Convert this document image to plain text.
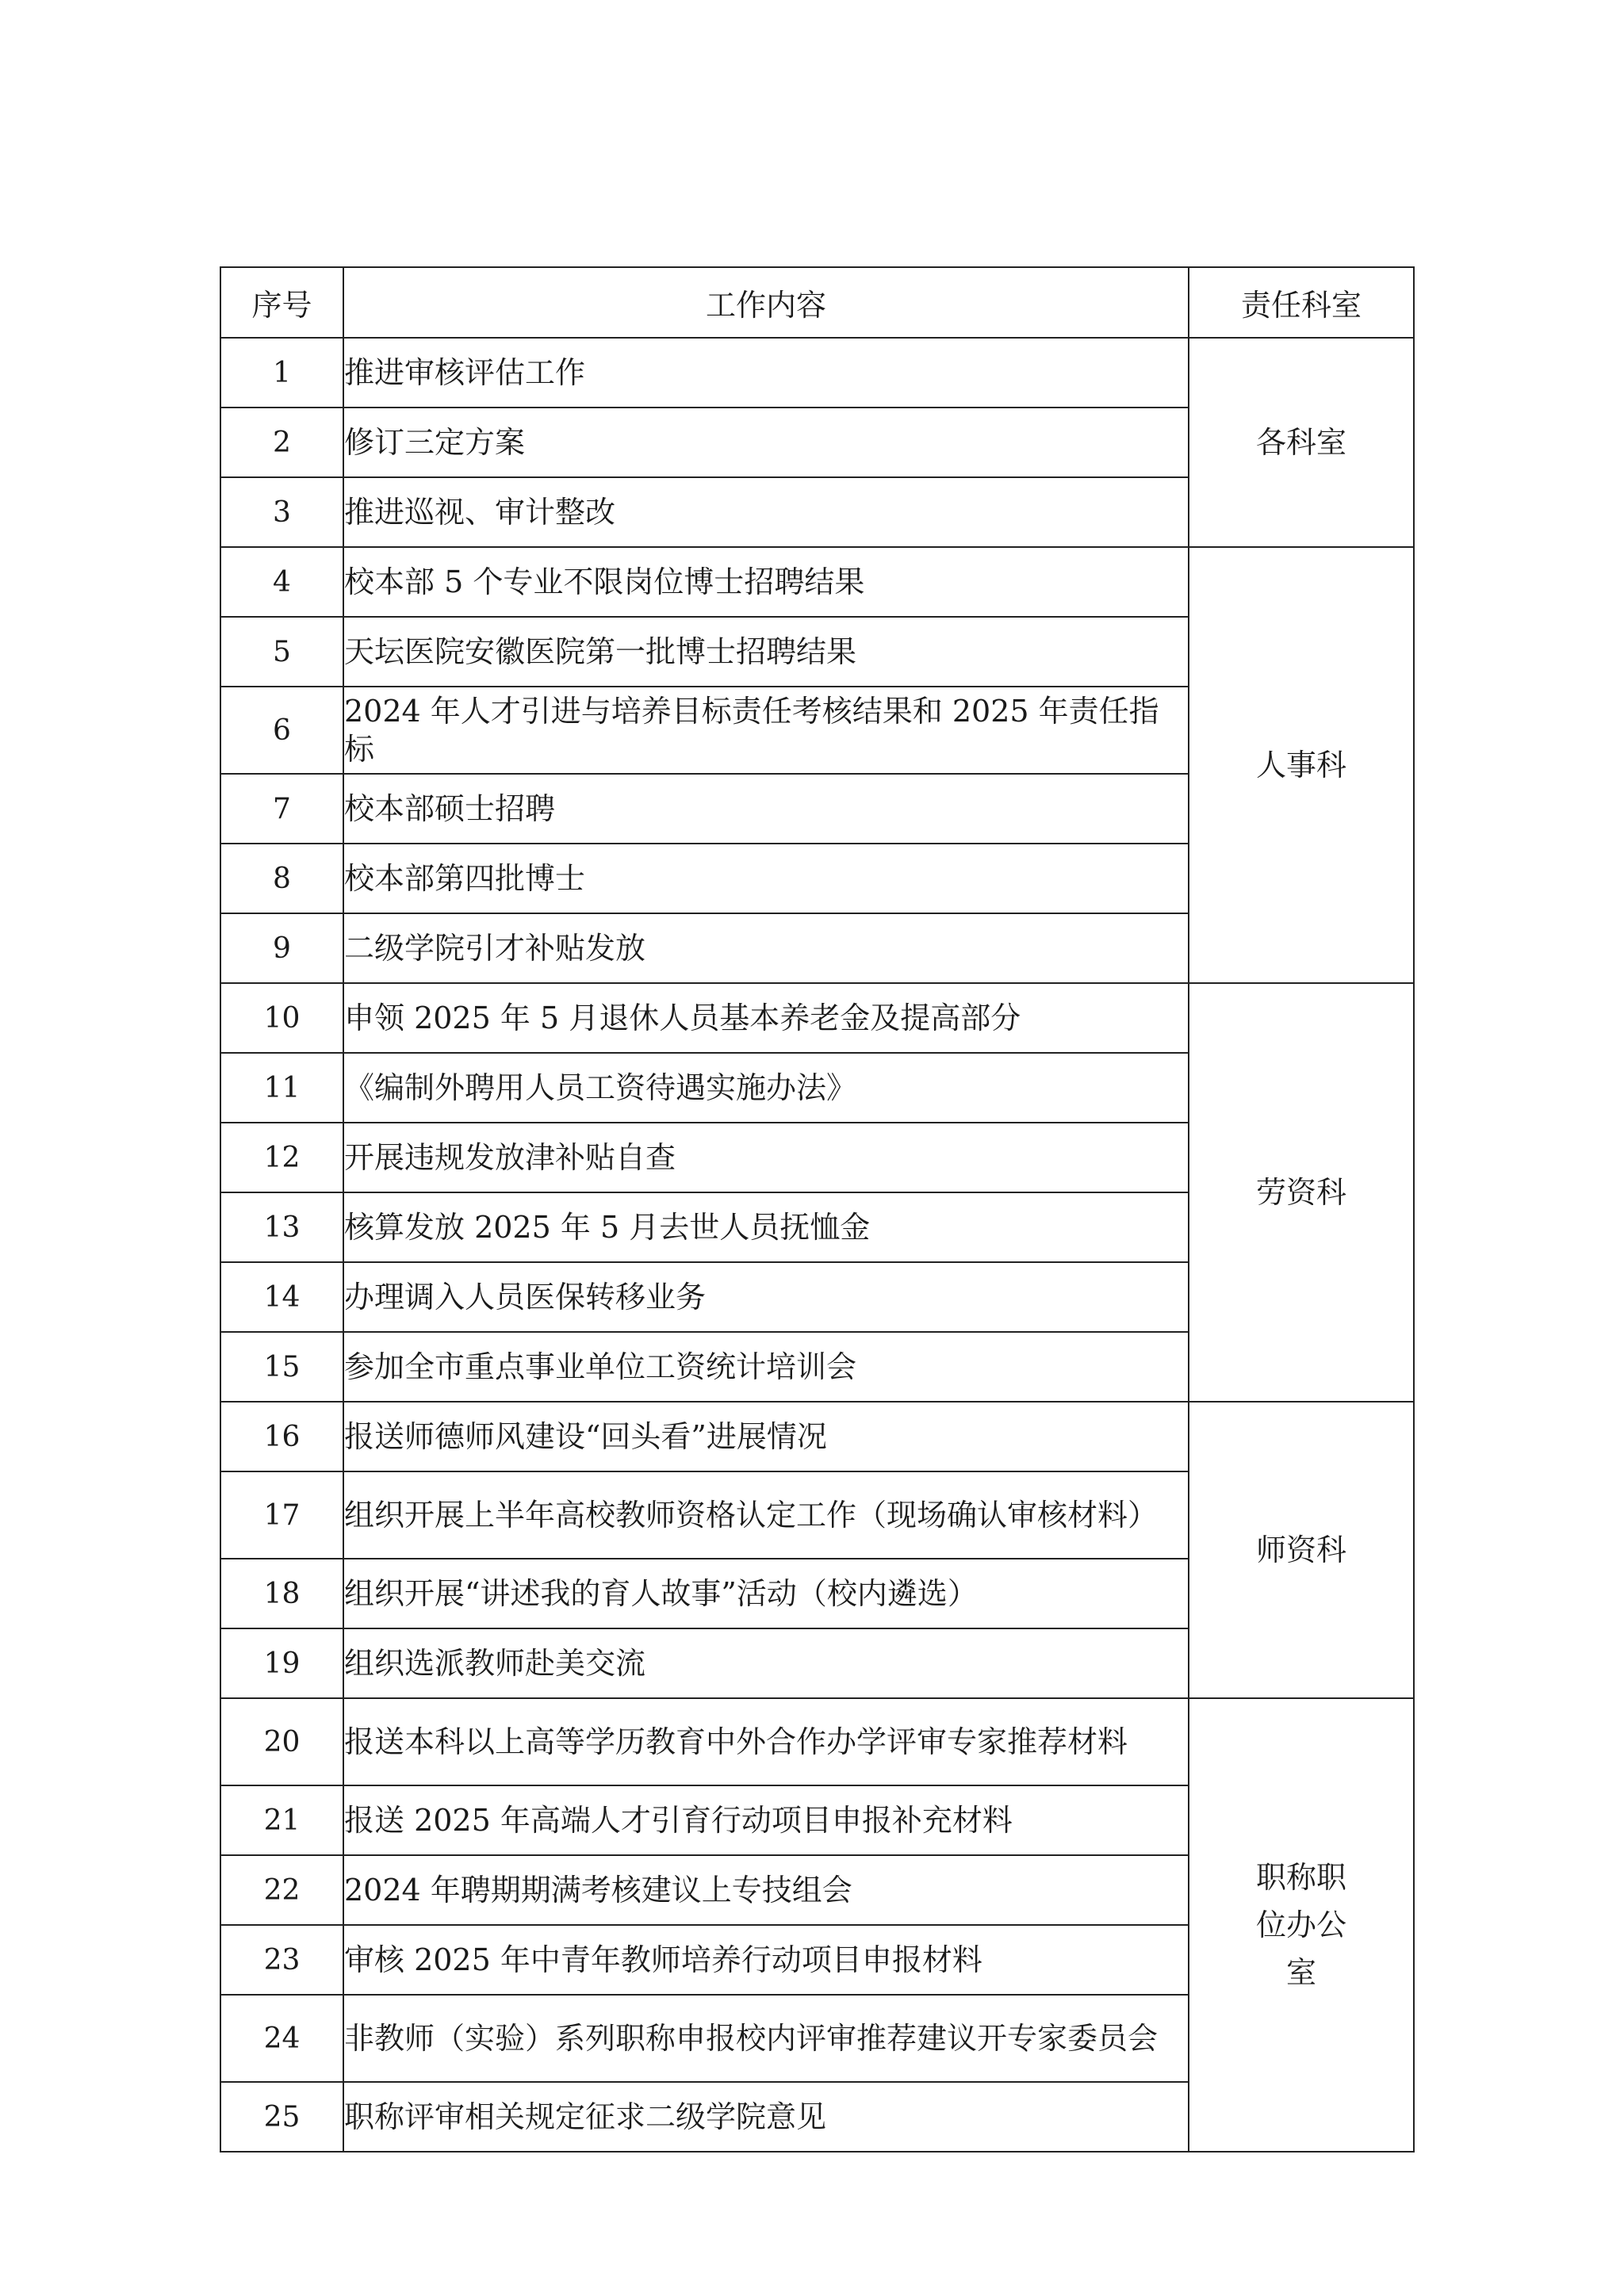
序号	工作内容	责任科室
1	推进审核评估工作	各科室
2	修订三定方案	
3	推进巡视、审计整改	
4	校本部 5 个专业不限岗位博士招聘结果	人事科
5	天坛医院安徽医院第一批博士招聘结果	
6	2024 年人才引进与培养目标责任考核结果和 2025 年责任指标	
7	校本部硕士招聘	
8	校本部第四批博士	
9	二级学院引才补贴发放	
10	申领 2025 年 5 月退休人员基本养老金及提高部分	劳资科
11	《编制外聘用人员工资待遇实施办法》	
12	开展违规发放津补贴自查	
13	核算发放 2025 年 5 月去世人员抚恤金	
14	办理调入人员医保转移业务	
15	参加全市重点事业单位工资统计培训会	
16	报送师德师风建设“回头看”进展情况	师资科
17	组织开展上半年高校教师资格认定工作（现场确认审核材料）	
18	组织开展“讲述我的育人故事”活动（校内遴选）	
19	组织选派教师赴美交流	
20	报送本科以上高等学历教育中外合作办学评审专家推荐材料	职称职位办公室

21	报送 2025 年高端人才引育行动项目申报补充材料	
22	2024 年聘期期满考核建议上专技组会	
23	审核 2025 年中青年教师培养行动项目申报材料	
24	非教师（实验）系列职称申报校内评审推荐建议开专家委员会	
25	职称评审相关规定征求二级学院意见	
